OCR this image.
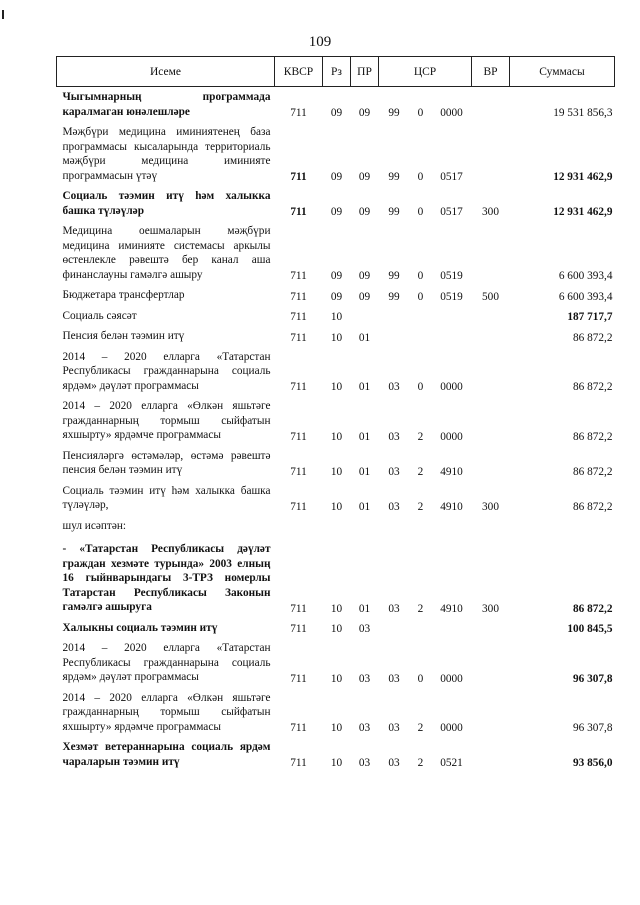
109
Исеме	КВСР	Рз	ПР	ЦСР			ВР	Суммасы
Чыгымнарның программада каралмаган юнәлешләре	711	09	09	99	0	0000		19 531 856,3
Мәҗбүри медицина иминиятенең база программасы кысаларында территориаль мәҗбүри медицина иминияте программасын үтәү	711	09	09	99	0	0517		12 931 462,9
Социаль тәэмин итү һәм халыкка башка түләүләр	711	09	09	99	0	0517	300	12 931 462,9
Медицина оешмаларын мәҗбүри медицина иминияте системасы аркылы өстенлекле рәвештә бер канал аша финанслауны гамәлгә ашыру	711	09	09	99	0	0519		6 600 393,4
Бюджетара трансфертлар	711	09	09	99	0	0519	500	6 600 393,4
Социаль сәясәт	711	10						187 717,7
Пенсия белән тәэмин итү	711	10	01					86 872,2
2014 – 2020 елларга «Татарстан Республикасы гражданнарына социаль ярдәм» дәүләт программасы	711	10	01	03	0	0000		86 872,2
2014 – 2020 елларга «Өлкән яшьтәге гражданнарның тормыш сыйфатын яхшырту» ярдәмче программасы	711	10	01	03	2	0000		86 872,2
Пенсияләргә өстәмәләр, өстәмә рәвештә пенсия белән тәэмин итү	711	10	01	03	2	4910		86 872,2
Социаль тәэмин итү һәм халыкка башка түләүләр,	711	10	01	03	2	4910	300	86 872,2
шул исәптән:								
- «Татарстан Республикасы дәүләт граждан хезмәте турында» 2003 елның 16 гыйнварындагы 3-ТРЗ номерлы Татарстан Республикасы Законын гамәлгә ашыруга	711	10	01	03	2	4910	300	86 872,2
Халыкны социаль тәэмин итү	711	10	03					100 845,5
2014 – 2020 елларга «Татарстан Республикасы гражданнарына социаль ярдәм» дәүләт программасы	711	10	03	03	0	0000		96 307,8
2014 – 2020 елларга «Өлкән яшьтәге гражданнарның тормыш сыйфатын яхшырту» ярдәмче программасы	711	10	03	03	2	0000		96 307,8
Хезмәт ветераннарына социаль ярдәм чараларын тәэмин итү	711	10	03	03	2	0521		93 856,0
